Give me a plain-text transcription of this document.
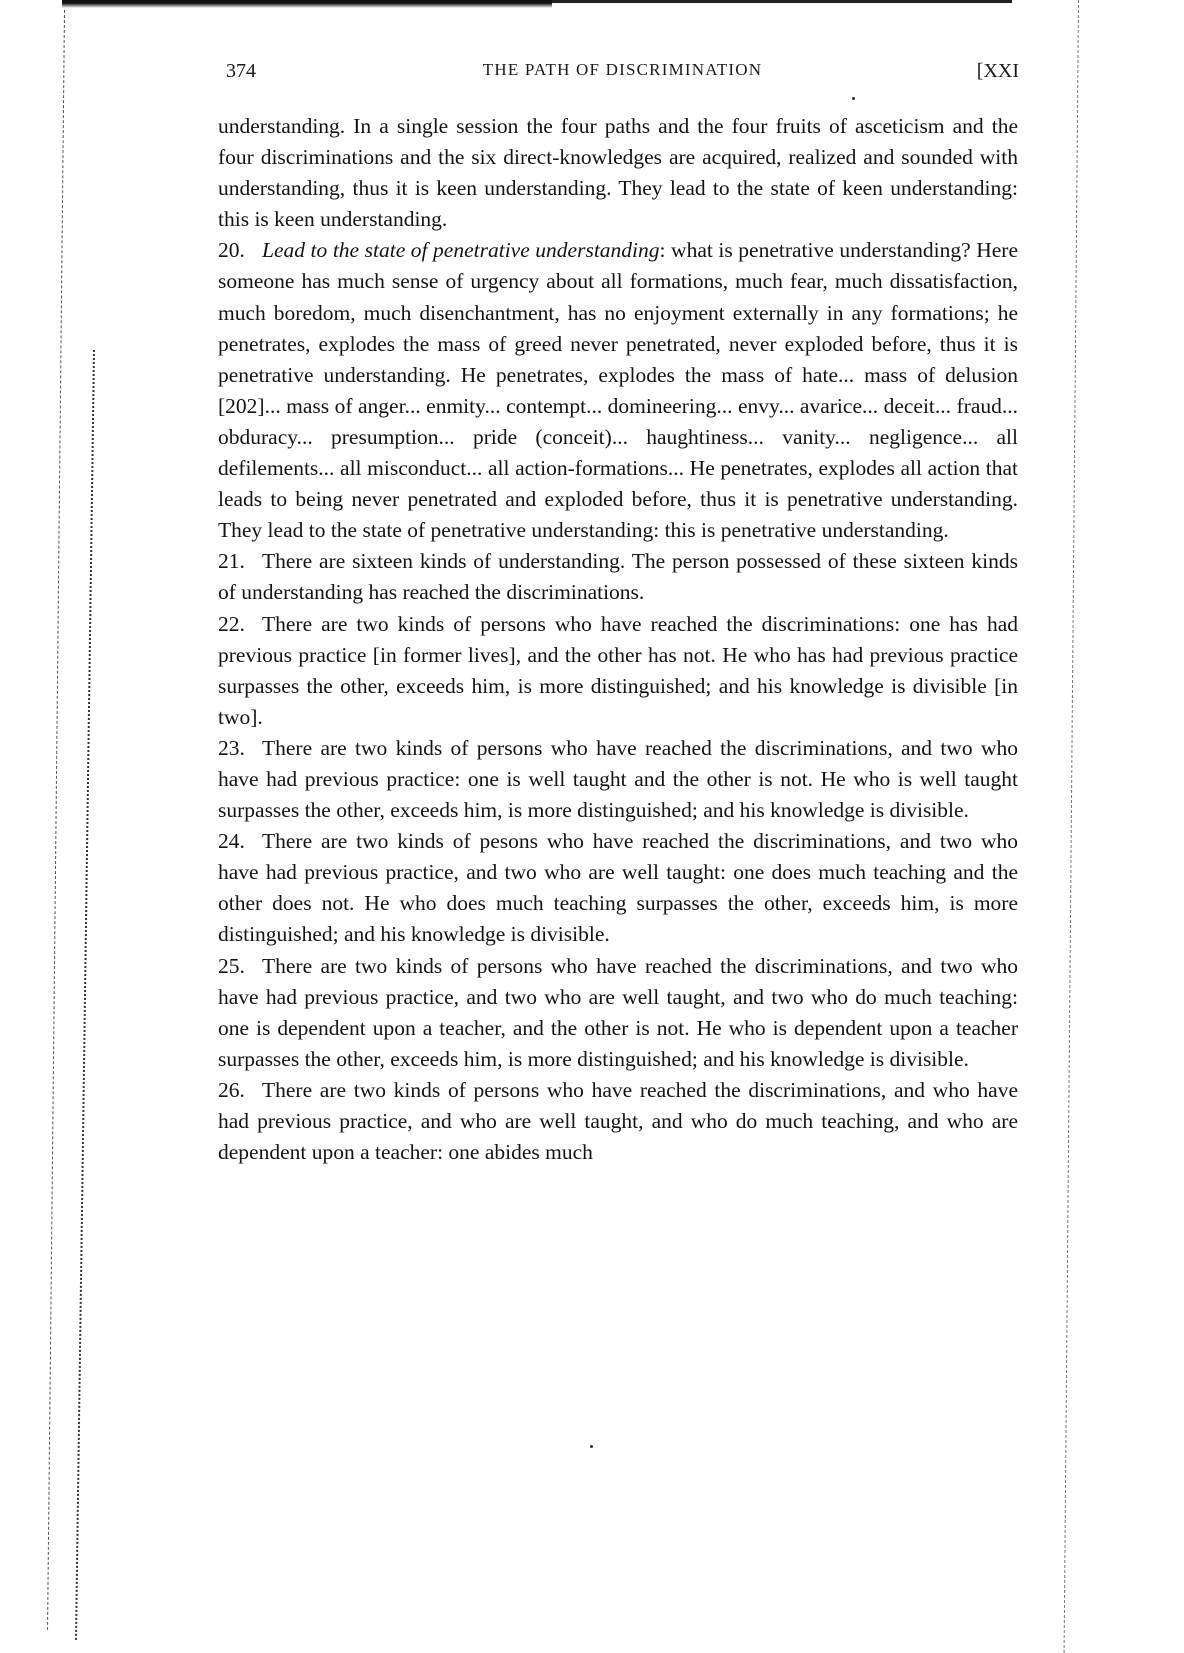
374	THE PATH OF DISCRIMINATION	[XXI

understanding. In a single session the four paths and the four fruits of asceticism and the four discriminations and the six direct-knowledges are acquired, realized and sounded with understanding, thus it is keen understanding. They lead to the state of keen understanding: this is keen understanding.

20. Lead to the state of penetrative understanding: what is penetrative understanding? Here someone has much sense of urgency about all formations, much fear, much dissatisfaction, much boredom, much disenchantment, has no enjoyment externally in any formations; he penetrates, explodes the mass of greed never penetrated, never exploded before, thus it is penetrative understanding. He penetrates, explodes the mass of hate... mass of delusion [202]... mass of anger... enmity... contempt... domineering... envy... avarice... deceit... fraud... obduracy... presumption... pride (conceit)... haughtiness... vanity... negligence... all defilements... all misconduct... all action-formations... He penetrates, explodes all action that leads to being never penetrated and exploded before, thus it is penetrative understanding. They lead to the state of penetrative understanding: this is penetrative understanding.

21. There are sixteen kinds of understanding. The person possessed of these sixteen kinds of understanding has reached the discriminations.

22. There are two kinds of persons who have reached the discriminations: one has had previous practice [in former lives], and the other has not. He who has had previous practice surpasses the other, exceeds him, is more distinguished; and his knowledge is divisible [in two].

23. There are two kinds of persons who have reached the discriminations, and two who have had previous practice: one is well taught and the other is not. He who is well taught surpasses the other, exceeds him, is more distinguished; and his knowledge is divisible.

24. There are two kinds of pesons who have reached the discriminations, and two who have had previous practice, and two who are well taught: one does much teaching and the other does not. He who does much teaching surpasses the other, exceeds him, is more distinguished; and his knowledge is divisible.

25. There are two kinds of persons who have reached the discriminations, and two who have had previous practice, and two who are well taught, and two who do much teaching: one is dependent upon a teacher, and the other is not. He who is dependent upon a teacher surpasses the other, exceeds him, is more distinguished; and his knowledge is divisible.

26. There are two kinds of persons who have reached the discriminations, and who have had previous practice, and who are well taught, and who do much teaching, and who are dependent upon a teacher: one abides much
